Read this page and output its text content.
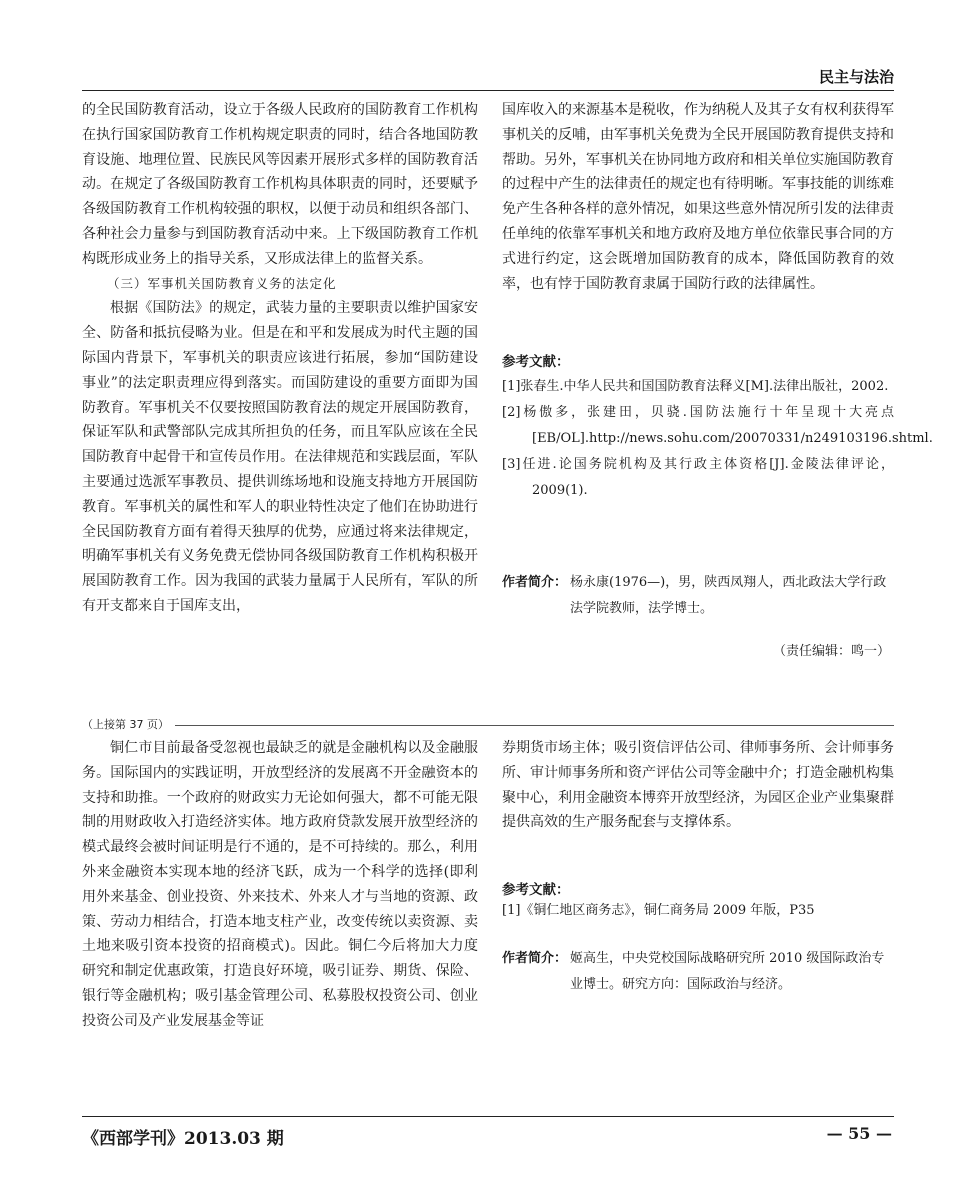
民主与法治

的全民国防教育活动，设立于各级人民政府的国防教育工作机构在执行国家国防教育工作机构规定职责的同时，结合各地国防教育设施、地理位置、民族民风等因素开展形式多样的国防教育活动。在规定了各级国防教育工作机构具体职责的同时，还要赋予各级国防教育工作机构较强的职权，以便于动员和组织各部门、各种社会力量参与到国防教育活动中来。上下级国防教育工作机构既形成业务上的指导关系，又形成法律上的监督关系。

（三）军事机关国防教育义务的法定化

根据《国防法》的规定，武装力量的主要职责以维护国家安全、防备和抵抗侵略为业。但是在和平和发展成为时代主题的国际国内背景下，军事机关的职责应该进行拓展，参加“国防建设事业”的法定职责理应得到落实。而国防建设的重要方面即为国防教育。军事机关不仅要按照国防教育法的规定开展国防教育，保证军队和武警部队完成其所担负的任务，而且军队应该在全民国防教育中起骨干和宣传员作用。在法律规范和实践层面，军队主要通过选派军事教员、提供训练场地和设施支持地方开展国防教育。军事机关的属性和军人的职业特性决定了他们在协助进行全民国防教育方面有着得天独厚的优势，应通过将来法律规定，明确军事机关有义务免费无偿协同各级国防教育工作机构积极开展国防教育工作。因为我国的武装力量属于人民所有，军队的所有开支都来自于国库支出，

国库收入的来源基本是税收，作为纳税人及其子女有权利获得军事机关的反哺，由军事机关免费为全民开展国防教育提供支持和帮助。另外，军事机关在协同地方政府和相关单位实施国防教育的过程中产生的法律责任的规定也有待明晰。军事技能的训练难免产生各种各样的意外情况，如果这些意外情况所引发的法律责任单纯的依靠军事机关和地方政府及地方单位依靠民事合同的方式进行约定，这会既增加国防教育的成本，降低国防教育的效率，也有悖于国防教育隶属于国防行政的法律属性。

参考文献：

[1]张春生.中华人民共和国国防教育法释义[M].法律出版社，2002.

[2]杨傲多，张建田，贝骁.国防法施行十年呈现十大亮点[EB/OL].http://news.sohu.com/20070331/n249103196.shtml.

[3]任进.论国务院机构及其行政主体资格[J].金陵法律评论，2009(1).

作者简介： 杨永康(1976—)，男，陕西凤翔人，西北政法大学行政法学院教师，法学博士。
（责任编辑：鸣一）
（上接第 37 页）

铜仁市目前最备受忽视也最缺乏的就是金融机构以及金融服务。国际国内的实践证明，开放型经济的发展离不开金融资本的支持和助推。一个政府的财政实力无论如何强大，都不可能无限制的用财政收入打造经济实体。地方政府贷款发展开放型经济的模式最终会被时间证明是行不通的，是不可持续的。那么，利用外来金融资本实现本地的经济飞跃，成为一个科学的选择(即利用外来基金、创业投资、外来技术、外来人才与当地的资源、政策、劳动力相结合，打造本地支柱产业，改变传统以卖资源、卖土地来吸引资本投资的招商模式)。因此。铜仁今后将加大力度研究和制定优惠政策，打造良好环境，吸引证券、期货、保险、银行等金融机构；吸引基金管理公司、私募股权投资公司、创业投资公司及产业发展基金等证

券期货市场主体；吸引资信评估公司、律师事务所、会计师事务所、审计师事务所和资产评估公司等金融中介；打造金融机构集聚中心，利用金融资本博弈开放型经济，为园区企业产业集聚群提供高效的生产服务配套与支撑体系。

参考文献：

[1]《铜仁地区商务志》，铜仁商务局 2009 年版，P35

作者简介： 姬高生，中央党校国际战略研究所 2010 级国际政治专业博士。研究方向：国际政治与经济。
《西部学刊》2013.03 期	— 55 —
